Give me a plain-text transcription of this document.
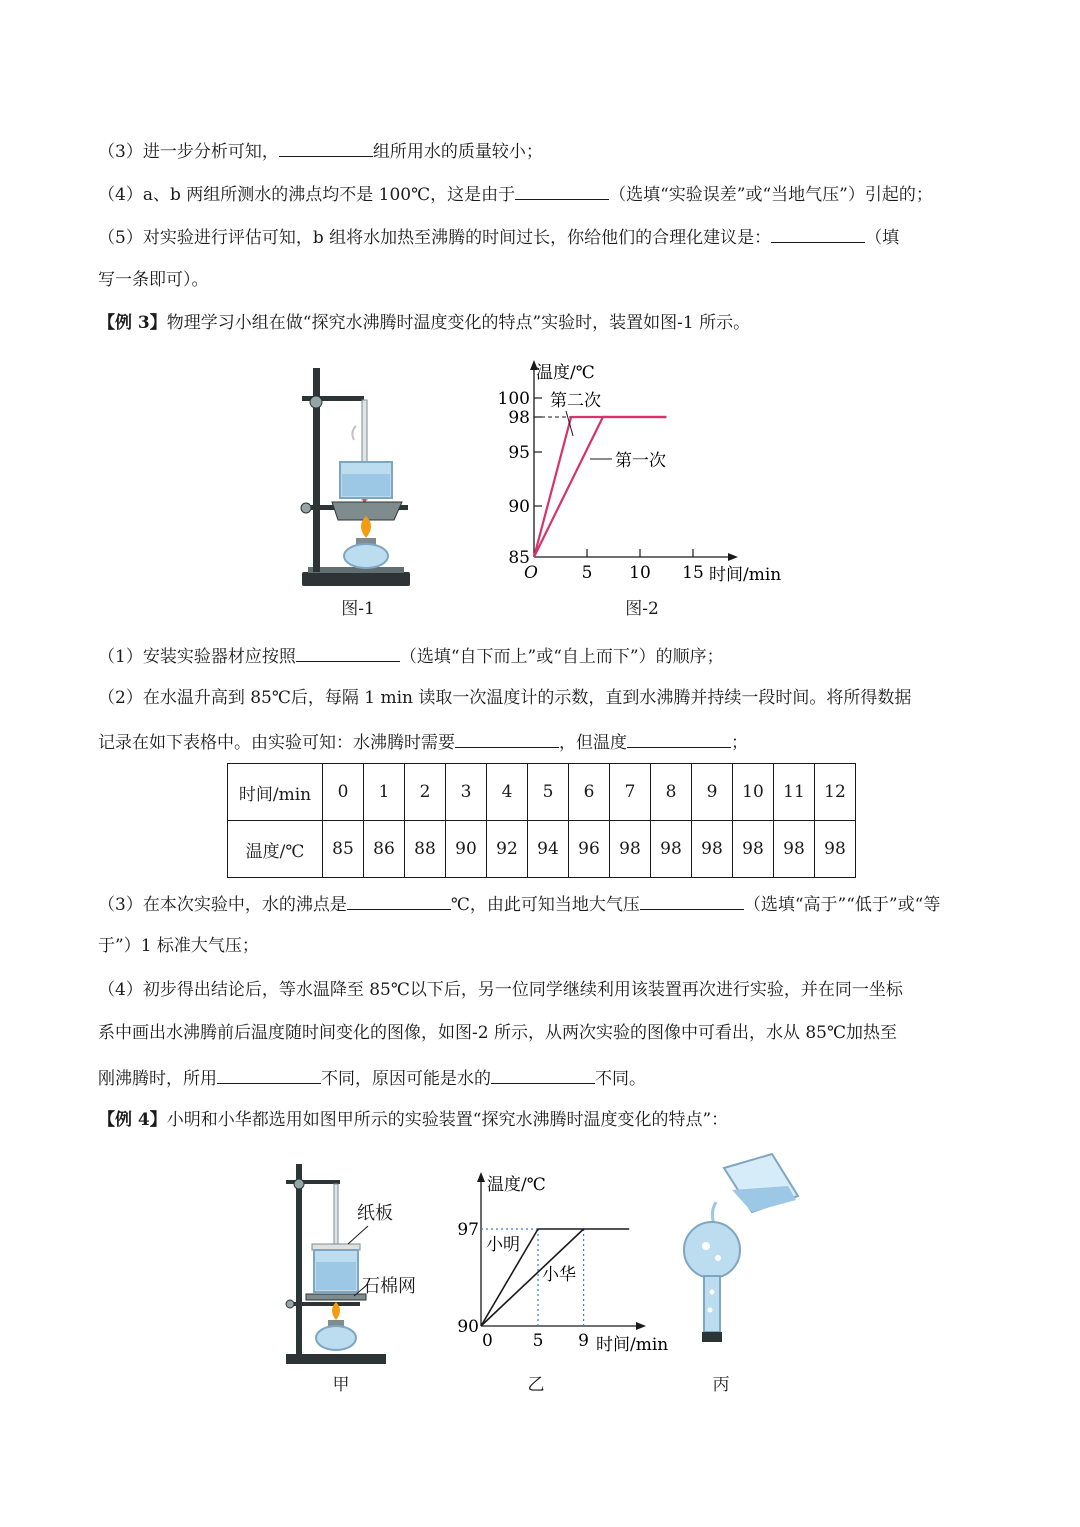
（3）进一步分析可知，	组所用水的质量较小；
（4）a、b 两组所测水的沸点均不是 100℃，这是由于	（选填“实验误差”或“当地气压”）引起的；
（5）对实验进行评估可知，b 组将水加热至沸腾的时间过长，你给他们的合理化建议是：	（填
写一条即可）。
【例 3】物理学习小组在做“探究水沸腾时温度变化的特点”实验时，装置如图-1 所示。
图-1
温度/℃
时间/min
O
85
90
95
98
100
5 10 15
第二次
第一次
图-2
（1）安装实验器材应按照	（选填“自下而上”或“自上而下”）的顺序；
（2）在水温升高到 85℃后，每隔 1 min 读取一次温度计的示数，直到水沸腾并持续一段时间。将所得数据
记录在如下表格中。由实验可知：水沸腾时需要	，但温度	；
时间/min	0	1	2	3	4	5	6	7	8	9	10	11	12
温度/℃	85	86	88	90	92	94	96	98	98	98	98	98	98
（3）在本次实验中，水的沸点是	℃，由此可知当地大气压	（选填“高于”“低于”或“等
于”）1 标准大气压；
（4）初步得出结论后，等水温降至 85℃以下后，另一位同学继续利用该装置再次进行实验，并在同一坐标
系中画出水沸腾前后温度随时间变化的图像，如图-2 所示，从两次实验的图像中可看出，水从 85℃加热至
刚沸腾时，所用	不同，原因可能是水的	不同。
【例 4】小明和小华都选用如图甲所示的实验装置“探究水沸腾时温度变化的特点”：
纸板
石棉网
甲
温度/℃
时间/min
0
97
90
5 9
小明
小华
乙	丙
